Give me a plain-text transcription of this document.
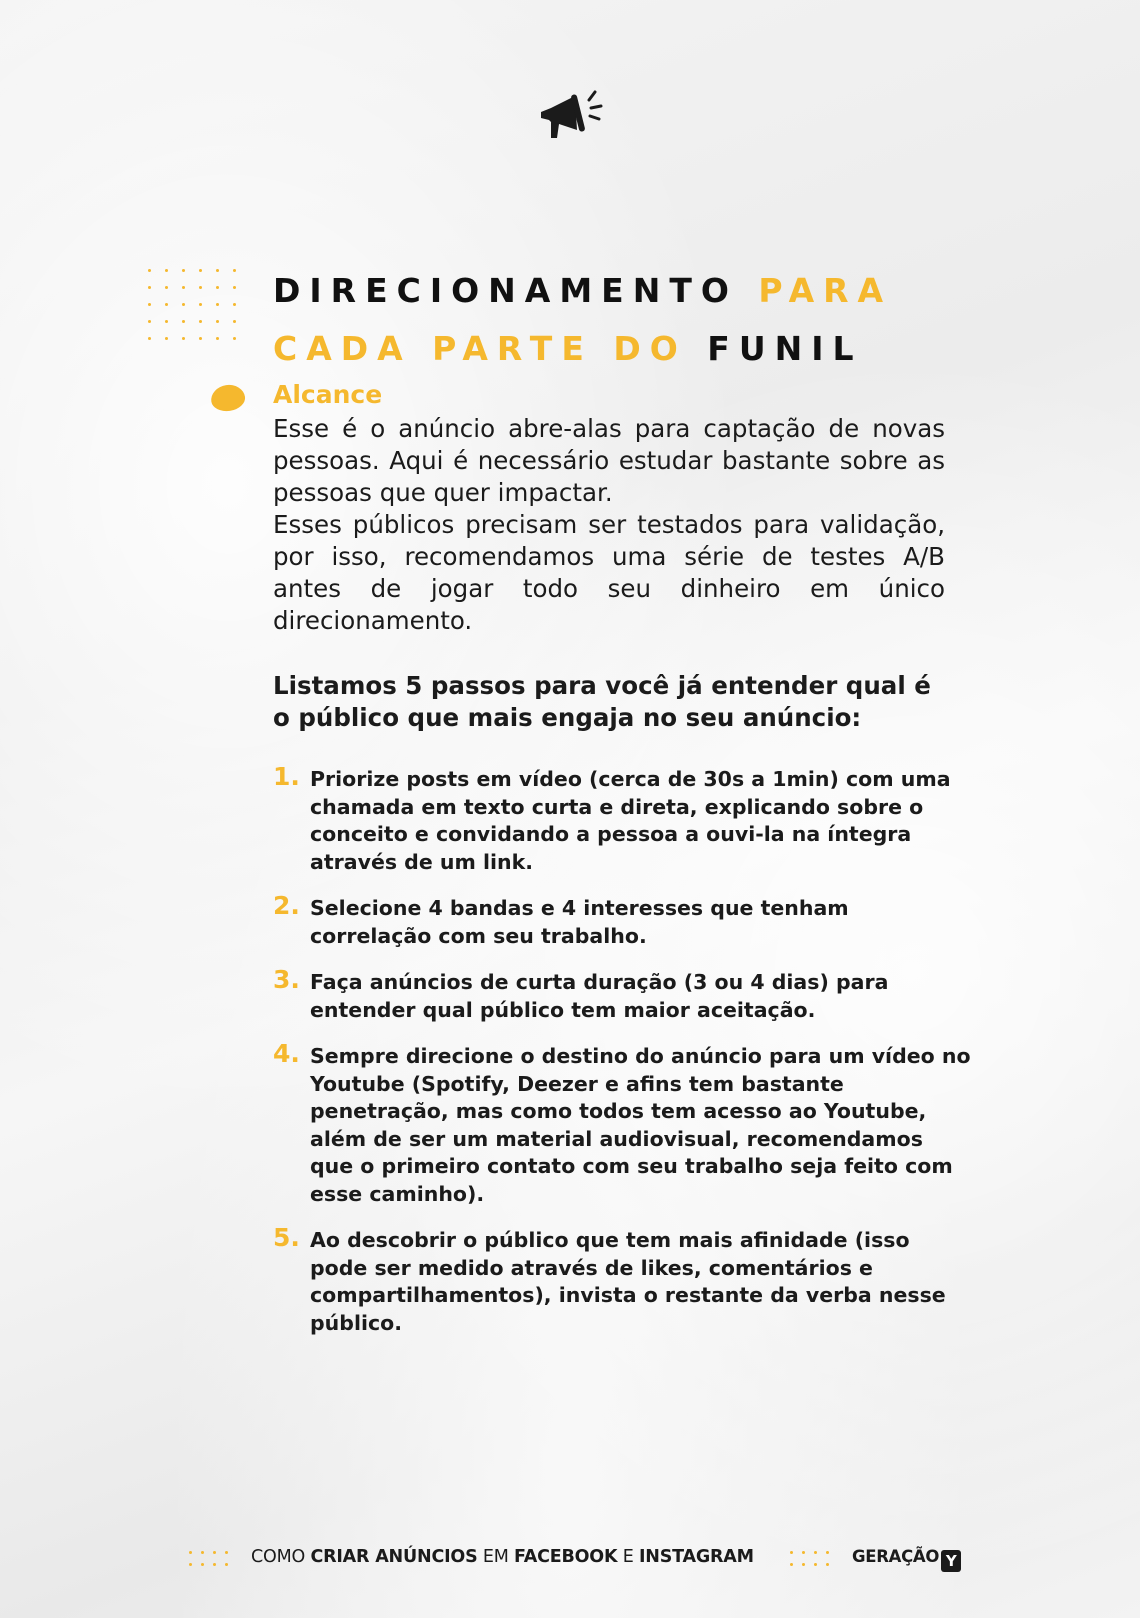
DIRECIONAMENTO PARA
CADA PARTE DO FUNIL
Alcance

Esse é o anúncio abre-alas para captação de novas pessoas. Aqui é necessário estudar bastante sobre as pessoas que quer impactar.

Esses públicos precisam ser testados para validação, por isso, recomendamos uma série de testes A/B antes de jogar todo seu dinheiro em único direcionamento.

Listamos 5 passos para você já entender qual é o público que mais engaja no seu anúncio:

1. Priorize posts em vídeo (cerca de 30s a 1min) com uma chamada em texto curta e direta, explicando sobre o conceito e convidando a pessoa a ouvi-la na íntegra através de um link.
2. Selecione 4 bandas e 4 interesses que tenham correlação com seu trabalho.
3. Faça anúncios de curta duração (3 ou 4 dias) para entender qual público tem maior aceitação.
4. Sempre direcione o destino do anúncio para um vídeo no Youtube (Spotify, Deezer e afins tem bastante penetração, mas como todos tem acesso ao Youtube, além de ser um material audiovisual, recomendamos que o primeiro contato com seu trabalho seja feito com esse caminho).
5. Ao descobrir o público que tem mais afinidade (isso pode ser medido através de likes, comentários e compartilhamentos), invista o restante da verba nesse público.
COMO CRIAR ANÚNCIOS EM FACEBOOK E INSTAGRAM	GERAÇÃO Y
